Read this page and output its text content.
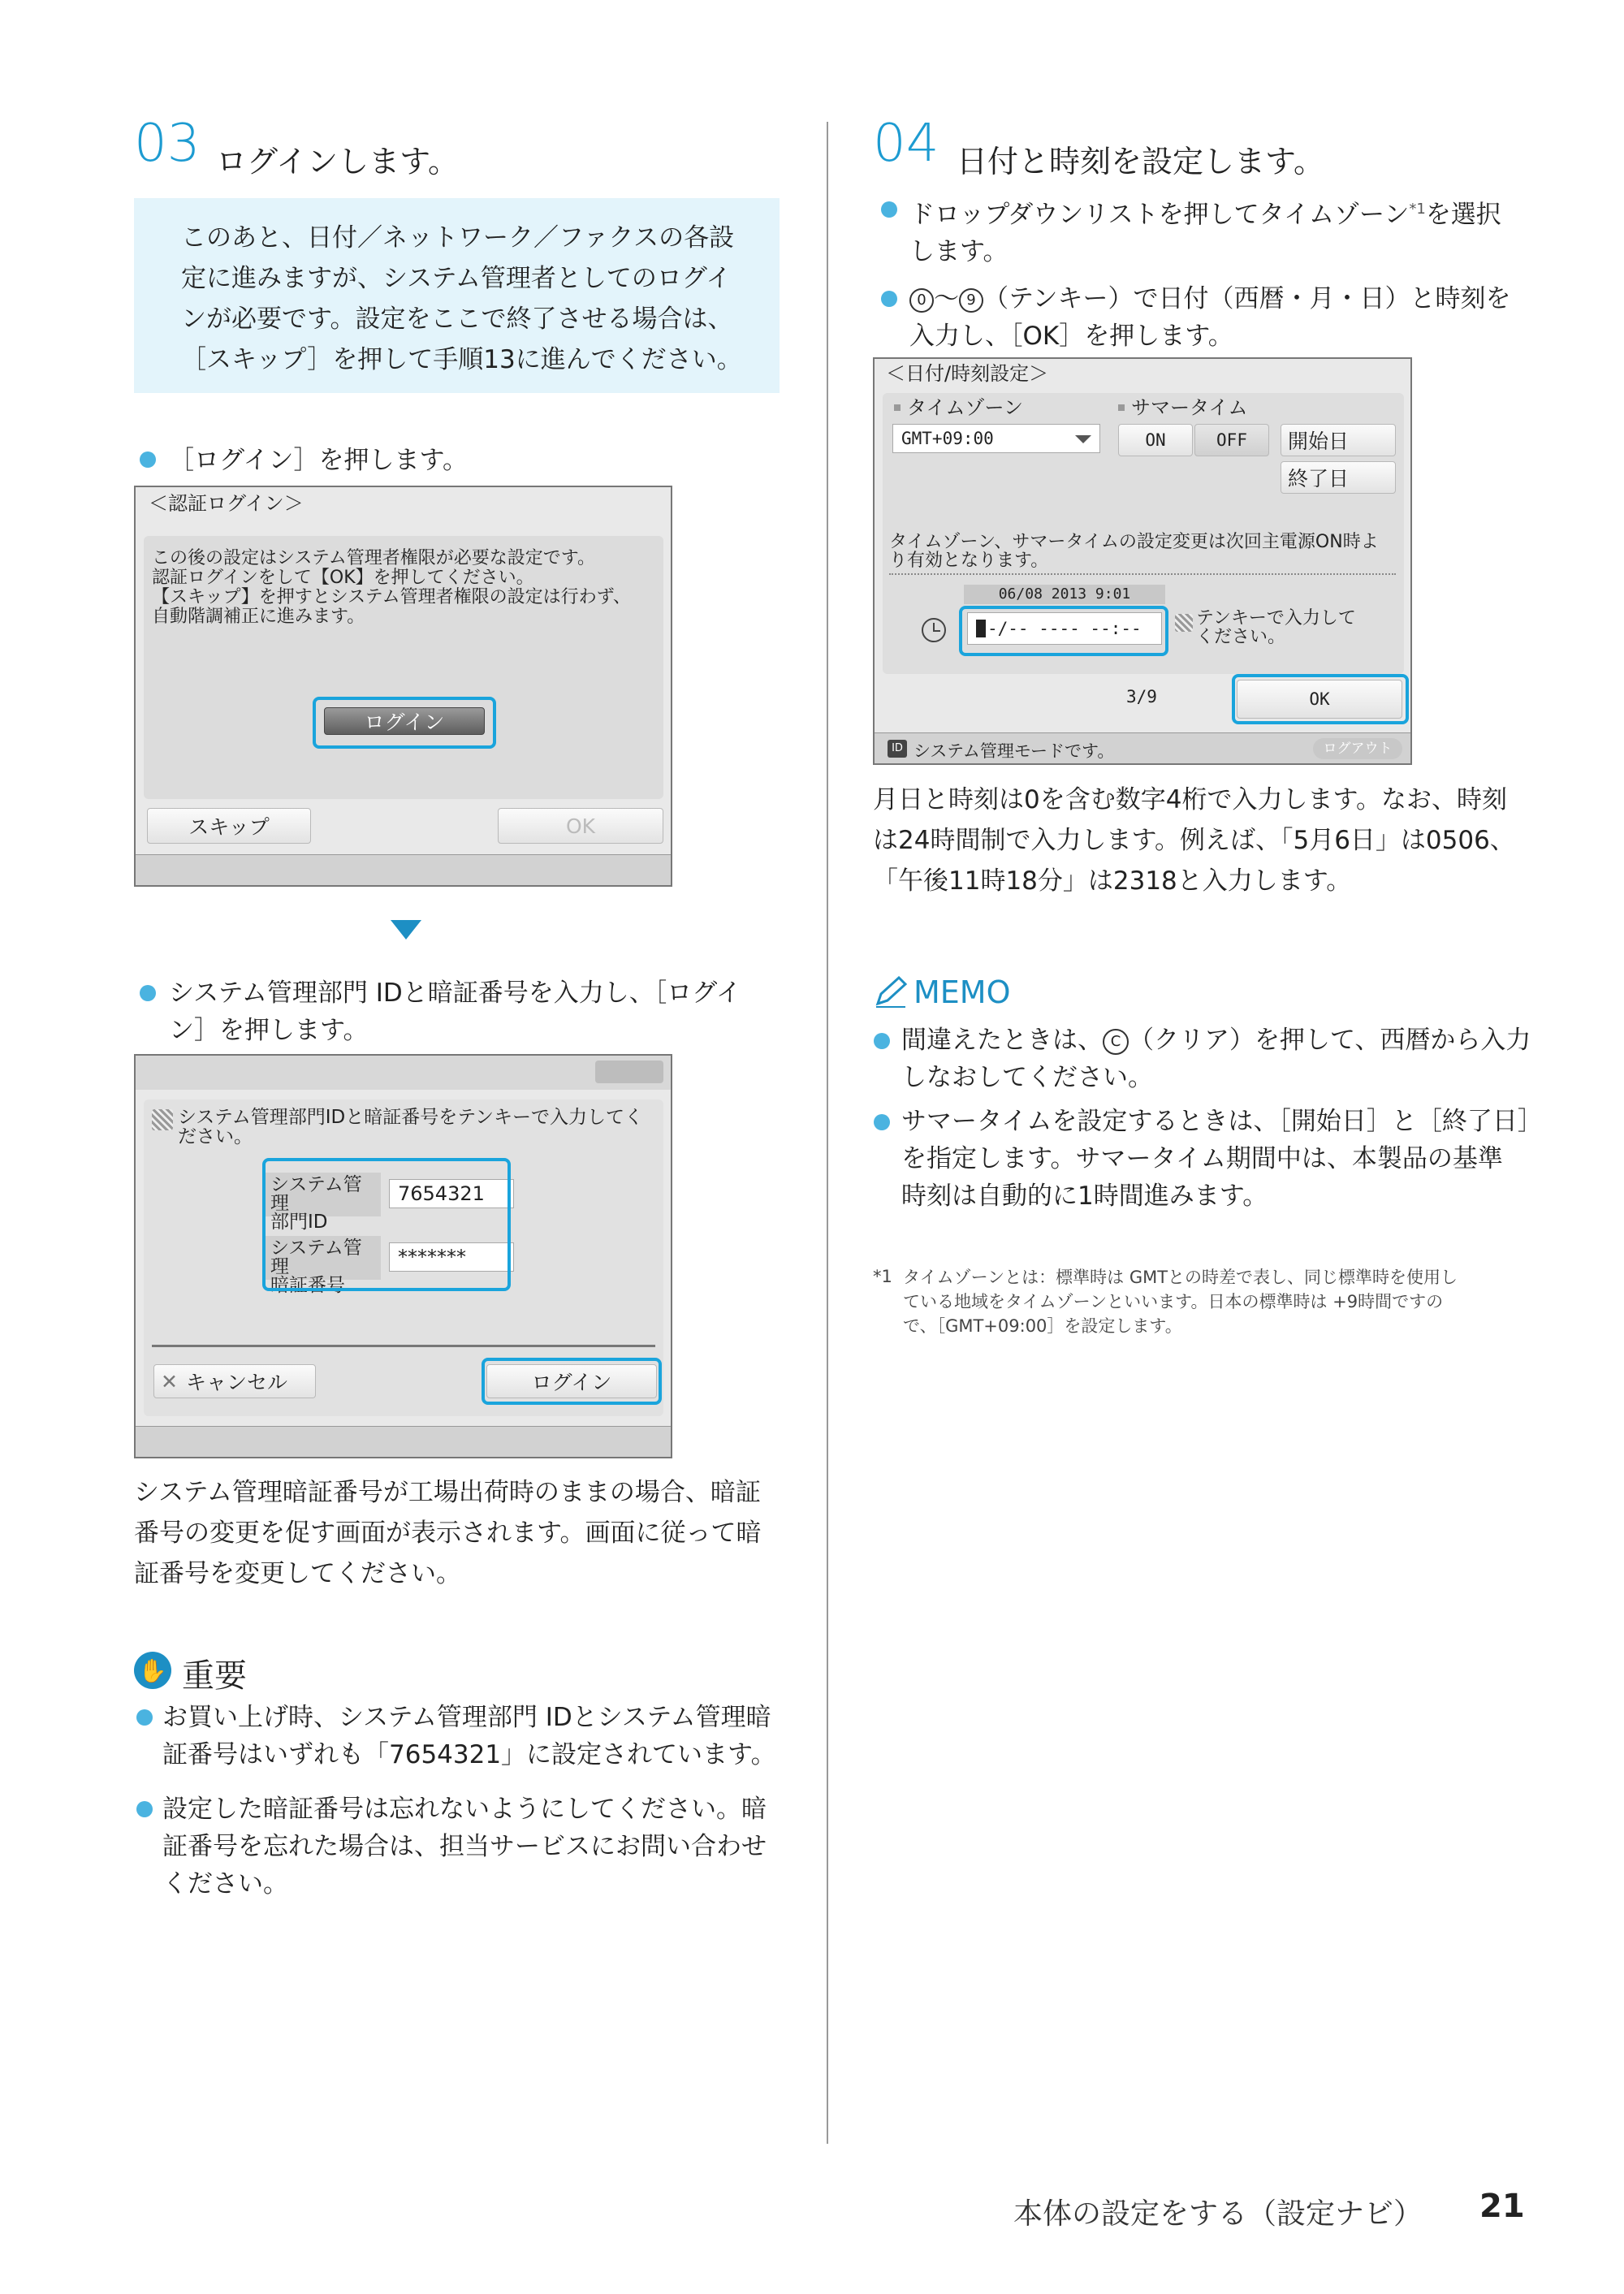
03 ログインします。
このあと、日付／ネットワーク／ファクスの各設
定に進みますが、システム管理者としてのログイ
ンが必要です。設定をここで終了させる場合は、
［スキップ］を押して手順13に進んでください。
［ログイン］を押します。
＜認証ログイン＞
この後の設定はシステム管理者権限が必要な設定です。
認証ログインをして【OK】を押してください。
【スキップ】を押すとシステム管理者権限の設定は行わず、
自動階調補正に進みます。
ログイン
スキップ	OK
システム管理部門 IDと暗証番号を入力し、［ログイ
ン］を押します。
システム管理部門IDと暗証番号をテンキーで入力してく
ださい。
システム管理
部門ID
7654321
システム管理
暗証番号
*******
✕ キャンセル	ログイン
システム管理暗証番号が工場出荷時のままの場合、暗証
番号の変更を促す画面が表示されます。画面に従って暗
証番号を変更してください。
✋ 重要
お買い上げ時、システム管理部門 IDとシステム管理暗
証番号はいずれも「7654321」に設定されています。
設定した暗証番号は忘れないようにしてください。暗
証番号を忘れた場合は、担当サービスにお問い合わせ
ください。
04 日付と時刻を設定します。
ドロップダウンリストを押してタイムゾーン$^{*1}$を選択
します。
0 ～ 9 （テンキー）で日付（西暦・月・日）と時刻を
入力し、［OK］を押します。
＜日付/時刻設定＞
タイムゾーン	サマータイム
GMT+09:00	ON	OFF	開始日
終了日
タイムゾーン、サマータイムの設定変更は次回主電源ON時よ
り有効となります。
06/08 2013 9:01
-/-- ---- --:--	テンキーで入力して
ください。
3/9	OK
ID システム管理モードです。	ログアウト
月日と時刻は0を含む数字4桁で入力します。なお、時刻
は24時間制で入力します。例えば、「5月6日」は0506、
「午後11時18分」は2318と入力します。
MEMO
間違えたときは、 C （クリア）を押して、西暦から入力
しなおしてください。
サマータイムを設定するときは、［開始日］と［終了日］
を指定します。サマータイム期間中は、本製品の基準
時刻は自動的に1時間進みます。
*1 タイムゾーンとは：標準時は GMTとの時差で表し、同じ標準時を使用し
ている地域をタイムゾーンといいます。日本の標準時は +9時間ですの
で、［GMT+09:00］を設定します。
本体の設定をする（設定ナビ） 21
